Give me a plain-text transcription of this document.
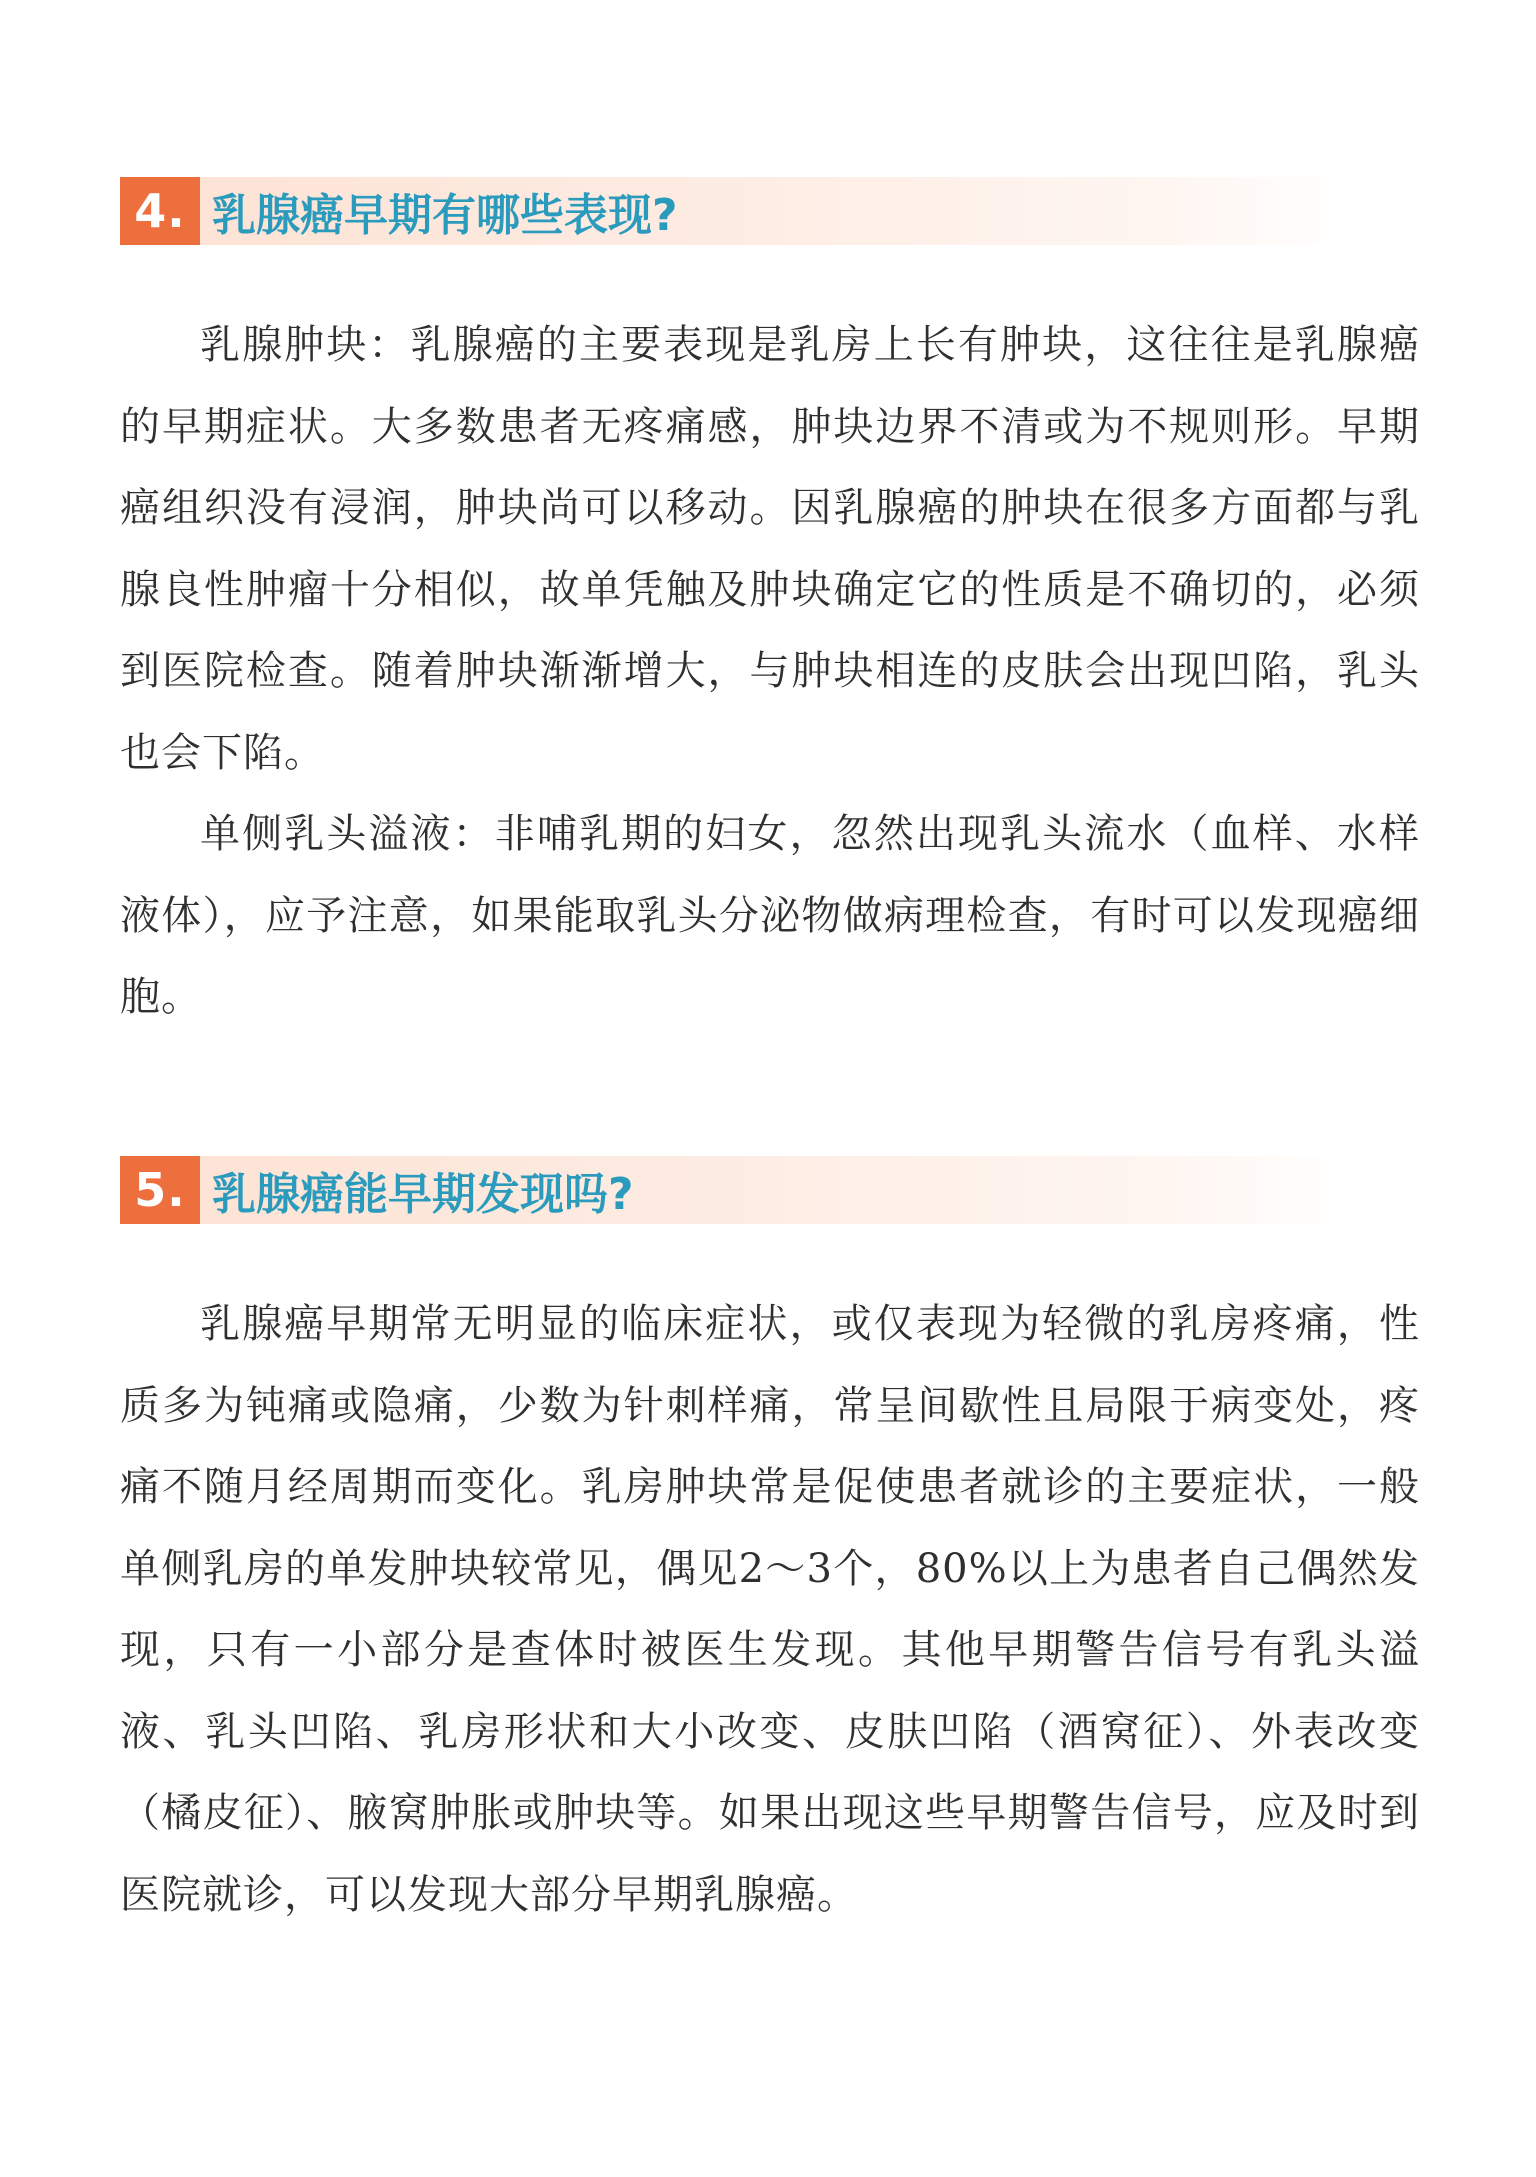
4. 乳腺癌早期有哪些表现?

乳腺肿块：乳腺癌的主要表现是乳房上长有肿块，这往往是乳腺癌的早期症状。大多数患者无疼痛感，肿块边界不清或为不规则形。早期癌组织没有浸润，肿块尚可以移动。因乳腺癌的肿块在很多方面都与乳腺良性肿瘤十分相似，故单凭触及肿块确定它的性质是不确切的，必须到医院检查。随着肿块渐渐增大，与肿块相连的皮肤会出现凹陷，乳头也会下陷。

单侧乳头溢液：非哺乳期的妇女，忽然出现乳头流水（血样、水样液体），应予注意，如果能取乳头分泌物做病理检查，有时可以发现癌细胞。

5. 乳腺癌能早期发现吗?

乳腺癌早期常无明显的临床症状，或仅表现为轻微的乳房疼痛，性质多为钝痛或隐痛，少数为针刺样痛，常呈间歇性且局限于病变处，疼痛不随月经周期而变化。乳房肿块常是促使患者就诊的主要症状，一般单侧乳房的单发肿块较常见，偶见2～3个，80%以上为患者自己偶然发现，只有一小部分是查体时被医生发现。其他早期警告信号有乳头溢液、乳头凹陷、乳房形状和大小改变、皮肤凹陷（酒窝征）、外表改变（橘皮征）、腋窝肿胀或肿块等。如果出现这些早期警告信号，应及时到医院就诊，可以发现大部分早期乳腺癌。
